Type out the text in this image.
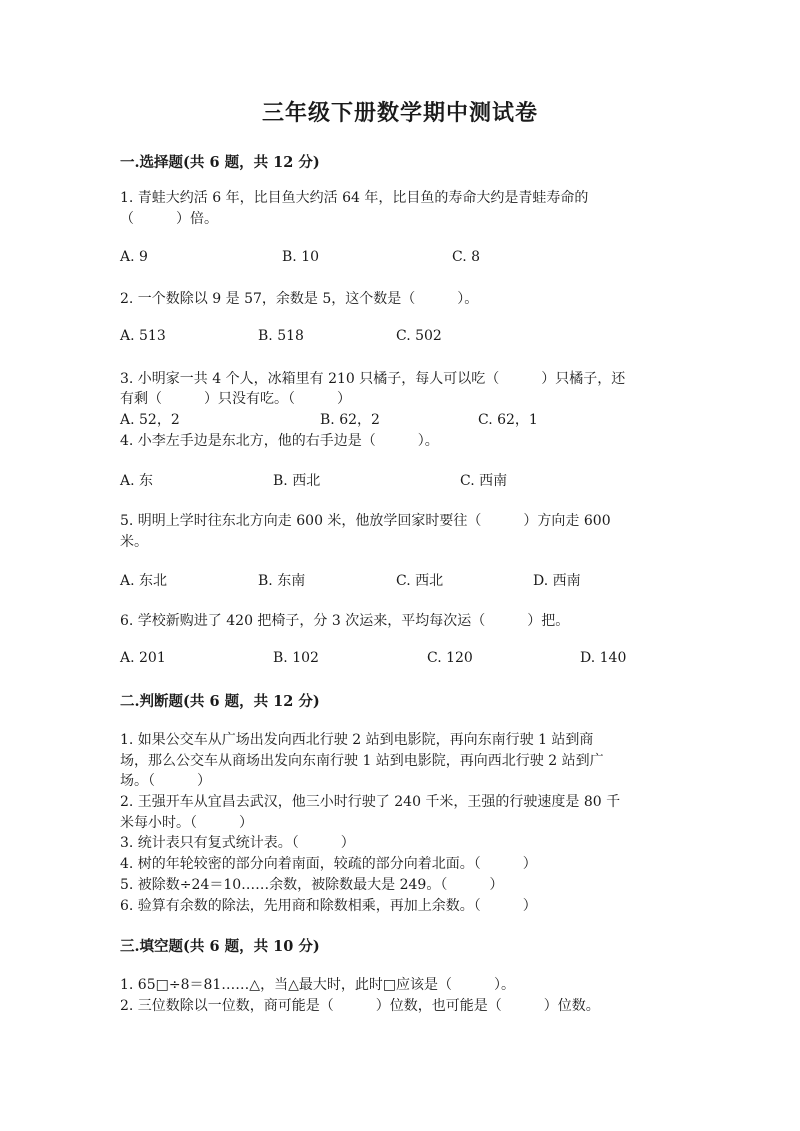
三年级下册数学期中测试卷
一.选择题(共 6 题，共 12 分)
1. 青蛙大约活 6 年，比目鱼大约活 64 年，比目鱼的寿命大约是青蛙寿命的
（　　　）倍。
A. 9	B. 10	C. 8
2. 一个数除以 9 是 57，余数是 5，这个数是（　　　）。
A. 513	B. 518	C. 502
3. 小明家一共 4 个人，冰箱里有 210 只橘子，每人可以吃（　　　）只橘子，还
有剩（　　　）只没有吃。（　　　）
A. 52，2	B. 62，2	C. 62，1
4. 小李左手边是东北方，他的右手边是（　　　）。
A. 东	B. 西北	C. 西南
5. 明明上学时往东北方向走 600 米，他放学回家时要往（　　　）方向走 600
米。
A. 东北	B. 东南	C. 西北	D. 西南
6. 学校新购进了 420 把椅子，分 3 次运来，平均每次运（　　　）把。
A. 201	B. 102	C. 120	D. 140
二.判断题(共 6 题，共 12 分)
1. 如果公交车从广场出发向西北行驶 2 站到电影院，再向东南行驶 1 站到商
场，那么公交车从商场出发向东南行驶 1 站到电影院，再向西北行驶 2 站到广
场。（　　　）
2. 王强开车从宜昌去武汉，他三小时行驶了 240 千米，王强的行驶速度是 80 千
米每小时。（　　　）
3. 统计表只有复式统计表。（　　　）
4. 树的年轮较密的部分向着南面，较疏的部分向着北面。（　　　）
5. 被除数÷24＝10……余数，被除数最大是 249。（　　　）
6. 验算有余数的除法，先用商和除数相乘，再加上余数。（　　　）
三.填空题(共 6 题，共 10 分)
1. 65□÷8＝81……△，当△最大时，此时□应该是（　　　）。
2. 三位数除以一位数，商可能是（　　　）位数，也可能是（　　　）位数。
